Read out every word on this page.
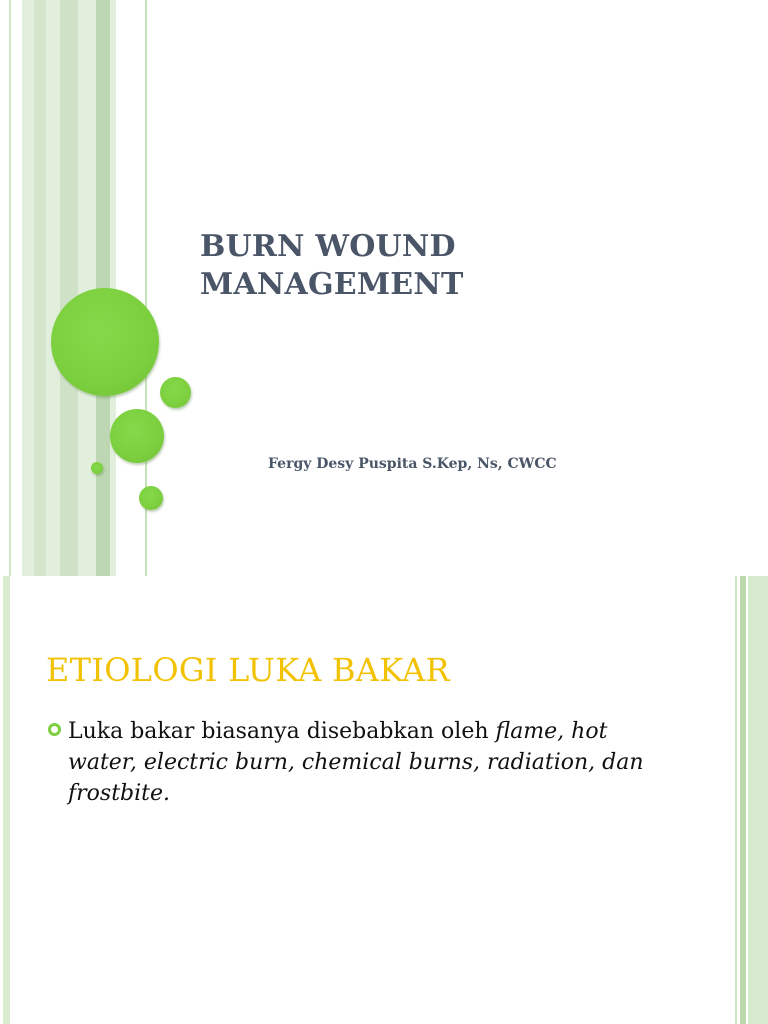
BURN WOUND
MANAGEMENT

Fergy Desy Puspita S.Kep, Ns, CWCC

ETIOLOGI LUKA BAKAR

Luka bakar biasanya disebabkan oleh flame, hot water, electric burn, chemical burns, radiation, dan frostbite.
